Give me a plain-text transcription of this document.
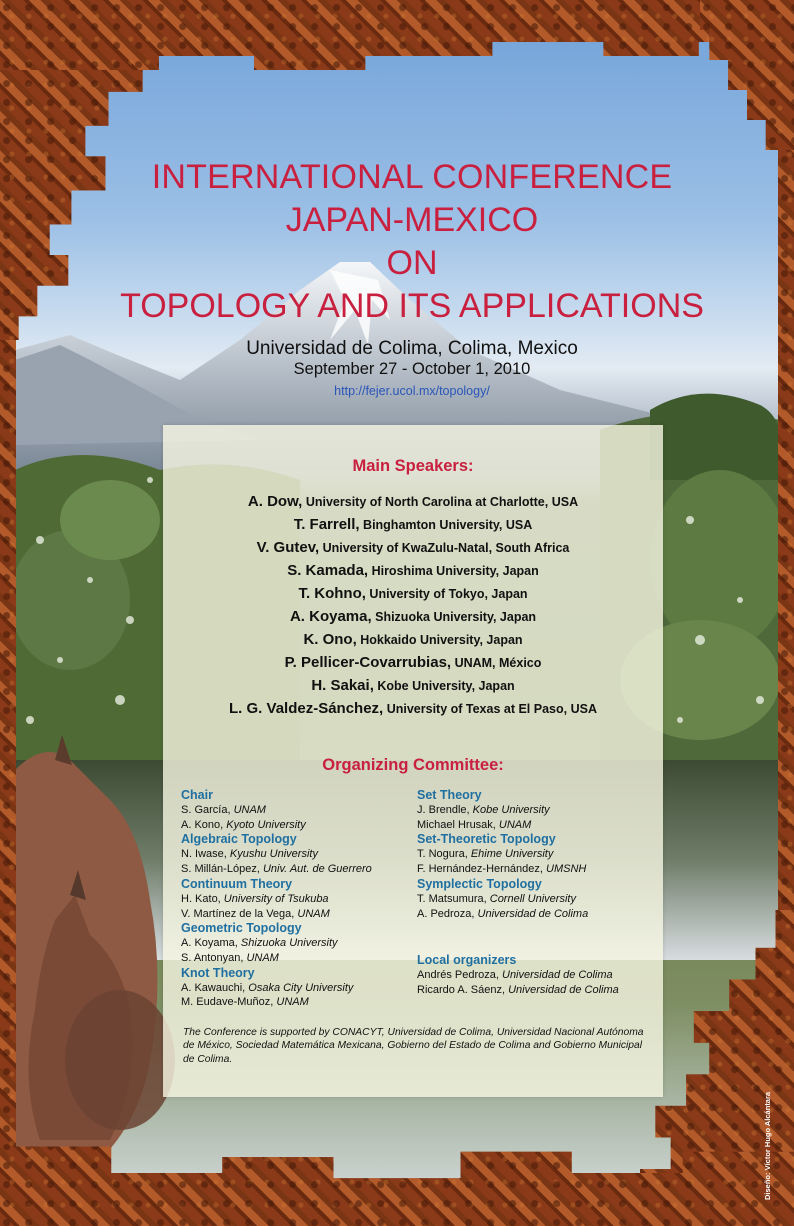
INTERNATIONAL CONFERENCE
JAPAN-MEXICO
ON
TOPOLOGY AND ITS APPLICATIONS
Universidad de Colima, Colima, Mexico
September 27 - October 1, 2010
http://fejer.ucol.mx/topology/
Main Speakers:
A. Dow, University of North Carolina at Charlotte, USA
T. Farrell, Binghamton University, USA
V. Gutev, University of KwaZulu-Natal, South Africa
S. Kamada, Hiroshima University, Japan
T. Kohno, University of Tokyo, Japan
A. Koyama, Shizuoka University, Japan
K. Ono, Hokkaido University, Japan
P. Pellicer-Covarrubias, UNAM, México
H. Sakai, Kobe University, Japan
L. G. Valdez-Sánchez, University of Texas at El Paso, USA
Organizing Committee:
Chair
S. García, UNAM
A. Kono, Kyoto University
Algebraic Topology
N. Iwase, Kyushu University
S. Millán-López, Univ. Aut. de Guerrero
Continuum Theory
H. Kato, University of Tsukuba
V. Martínez de la Vega, UNAM
Geometric Topology
A. Koyama, Shizuoka University
S. Antonyan, UNAM
Knot Theory
A. Kawauchi, Osaka City University
M. Eudave-Muñoz, UNAM
Set Theory
J. Brendle, Kobe University
Michael Hrusak, UNAM
Set-Theoretic Topology
T. Nogura, Ehime University
F. Hernández-Hernández, UMSNH
Symplectic Topology
T. Matsumura, Cornell University
A. Pedroza, Universidad de Colima
Local organizers
Andrés Pedroza, Universidad de Colima
Ricardo A. Sáenz, Universidad de Colima
The Conference is supported by CONACYT, Universidad de Colima, Universidad Nacional Autónoma de México, Sociedad Matemática Mexicana, Gobierno del Estado de Colima and Gobierno Municipal de Colima.
Diseño: Víctor Hugo Alcántara
